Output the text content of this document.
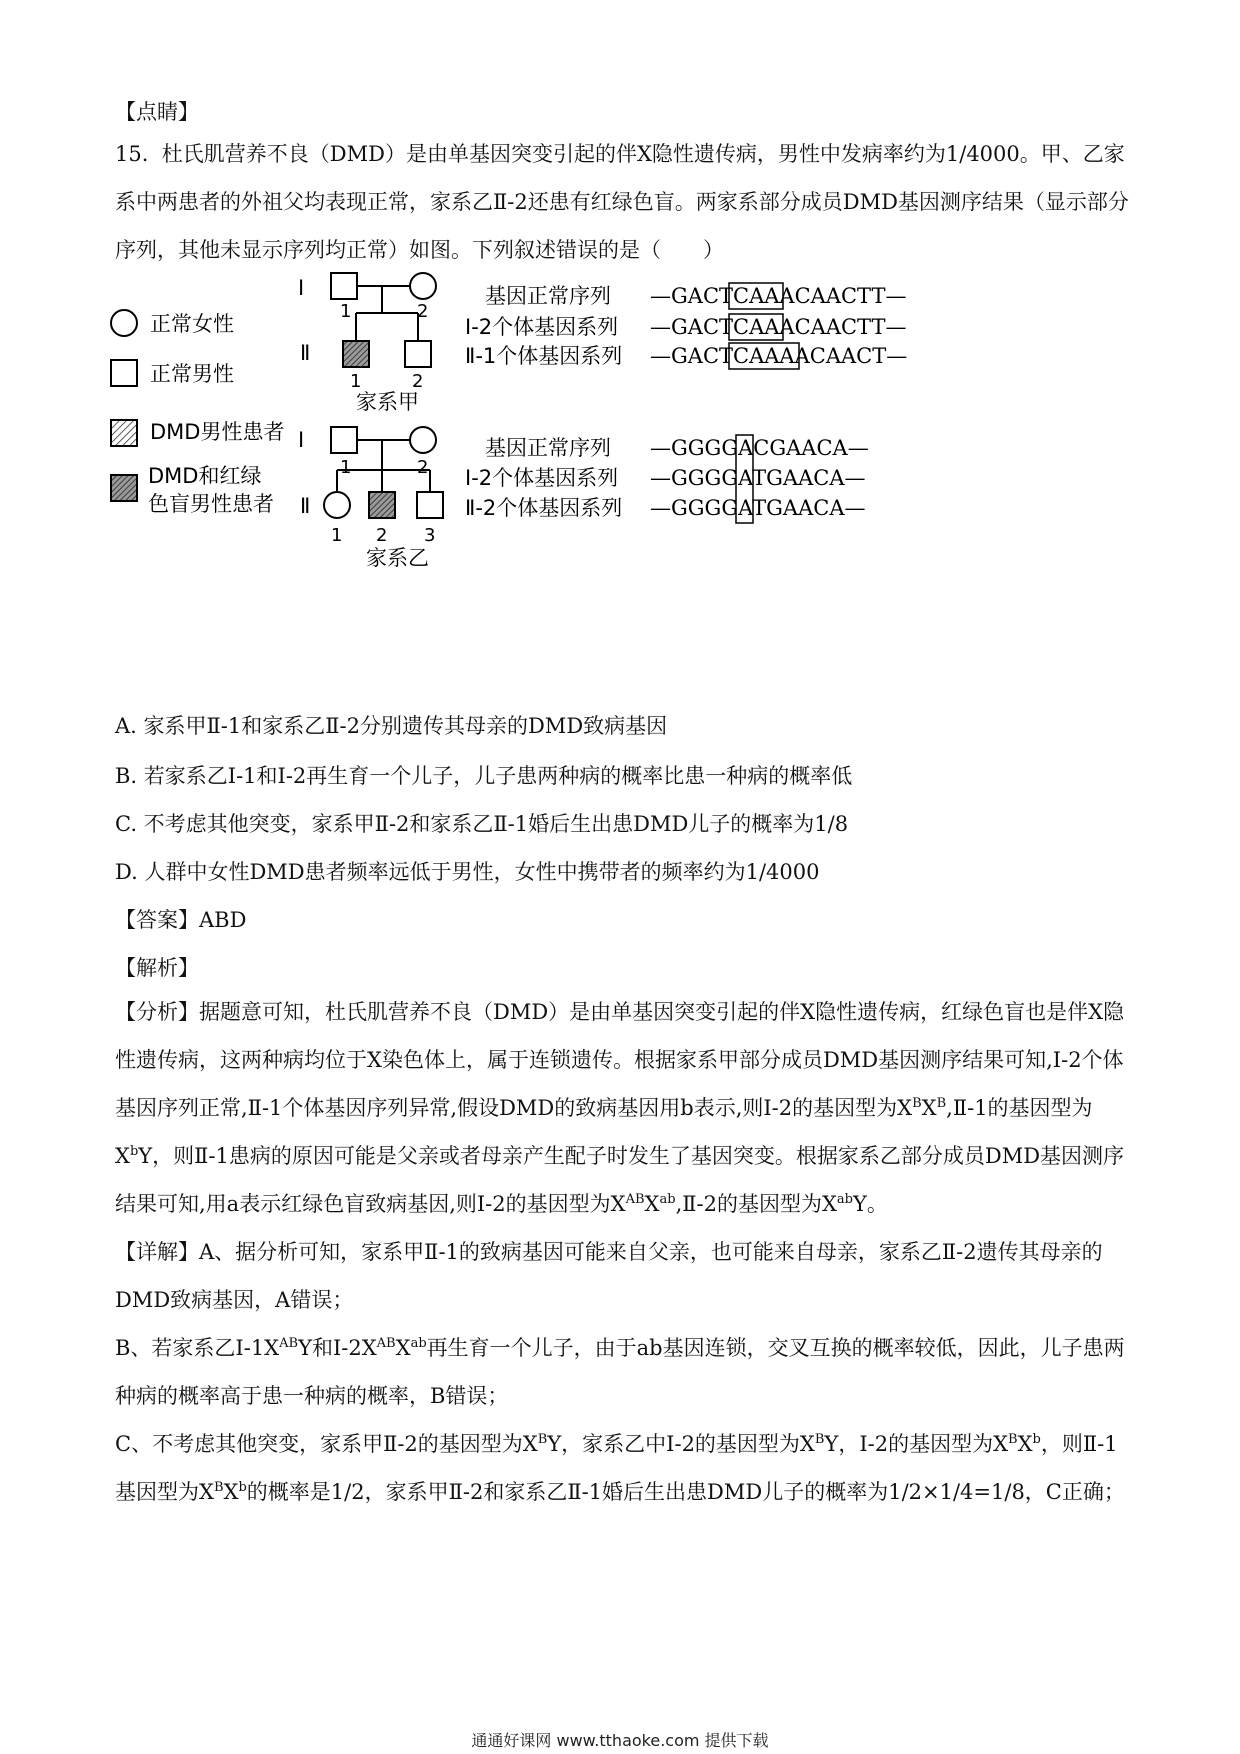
【点睛】

15. 杜氏肌营养不良（DMD）是由单基因突变引起的伴X隐性遗传病，男性中发病率约为1/4000。甲、乙家系中两患者的外祖父均表现正常，家系乙Ⅱ-2还患有红绿色盲。两家系部分成员DMD基因测序结果（显示部分序列，其他未显示序列均正常）如图。下列叙述错误的是（　　）

正常女性
正常男性
DMD男性患者
DMD和红绿
色盲男性患者
I
1	2
Ⅱ
1	2
家系甲
基因正常序列
I-2个体基因系列
Ⅱ-1个体基因系列
—GACTCAAACAACTT—
—GACTCAAACAACTT—
—GACTCAAAACAACT—
I
1	2
Ⅱ
1 2 3
家系乙
基因正常序列
I-2个体基因系列
Ⅱ-2个体基因系列
—GGGGACGAACA—
—GGGGATGAACA—
—GGGGATGAACA—
A. 家系甲Ⅱ-1和家系乙Ⅱ-2分别遗传其母亲的DMD致病基因
B. 若家系乙Ⅰ-1和Ⅰ-2再生育一个儿子，儿子患两种病的概率比患一种病的概率低
C. 不考虑其他突变，家系甲Ⅱ-2和家系乙Ⅱ-1婚后生出患DMD儿子的概率为1/8
D. 人群中女性DMD患者频率远低于男性，女性中携带者的频率约为1/4000
【答案】ABD
【解析】

【分析】据题意可知，杜氏肌营养不良（DMD）是由单基因突变引起的伴X隐性遗传病，红绿色盲也是伴X隐性遗传病，这两种病均位于X染色体上，属于连锁遗传。根据家系甲部分成员DMD基因测序结果可知,I-2个体基因序列正常,Ⅱ-1个体基因序列异常,假设DMD的致病基因用b表示,则I-2的基因型为$X^BX^B,Ⅱ-1$的基因型为$X^bY$，则Ⅱ-1患病的原因可能是父亲或者母亲产生配子时发生了基因突变。根据家系乙部分成员DMD基因测序结果可知,用a表示红绿色盲致病基因,则I-2的基因型为$X^{AB}X^{ab},Ⅱ-2$的基因型为$X^{ab}Y$。

【详解】A、据分析可知，家系甲Ⅱ-1的致病基因可能来自父亲，也可能来自母亲，家系乙Ⅱ-2遗传其母亲的DMD致病基因，A错误；

B、若家系乙$I-1X^{AB}Y$和$I-2X^{AB}X^{ab}$再生育一个儿子，由于ab基因连锁，交叉互换的概率较低，因此，儿子患两种病的概率高于患一种病的概率，B错误；

C、不考虑其他突变，家系甲Ⅱ-2的基因型为$X^BY$，家系乙中I-2的基因型为$X^BY$，I-2的基因型为$X^BX^b$，则Ⅱ-1基因型为$X^BX^b$的概率是1/2，家系甲Ⅱ-2和家系乙Ⅱ-1婚后生出患DMD儿子的概率为1/2×1/4=1/8，C正确；

通通好课网 www.tthaoke.com 提供下载
